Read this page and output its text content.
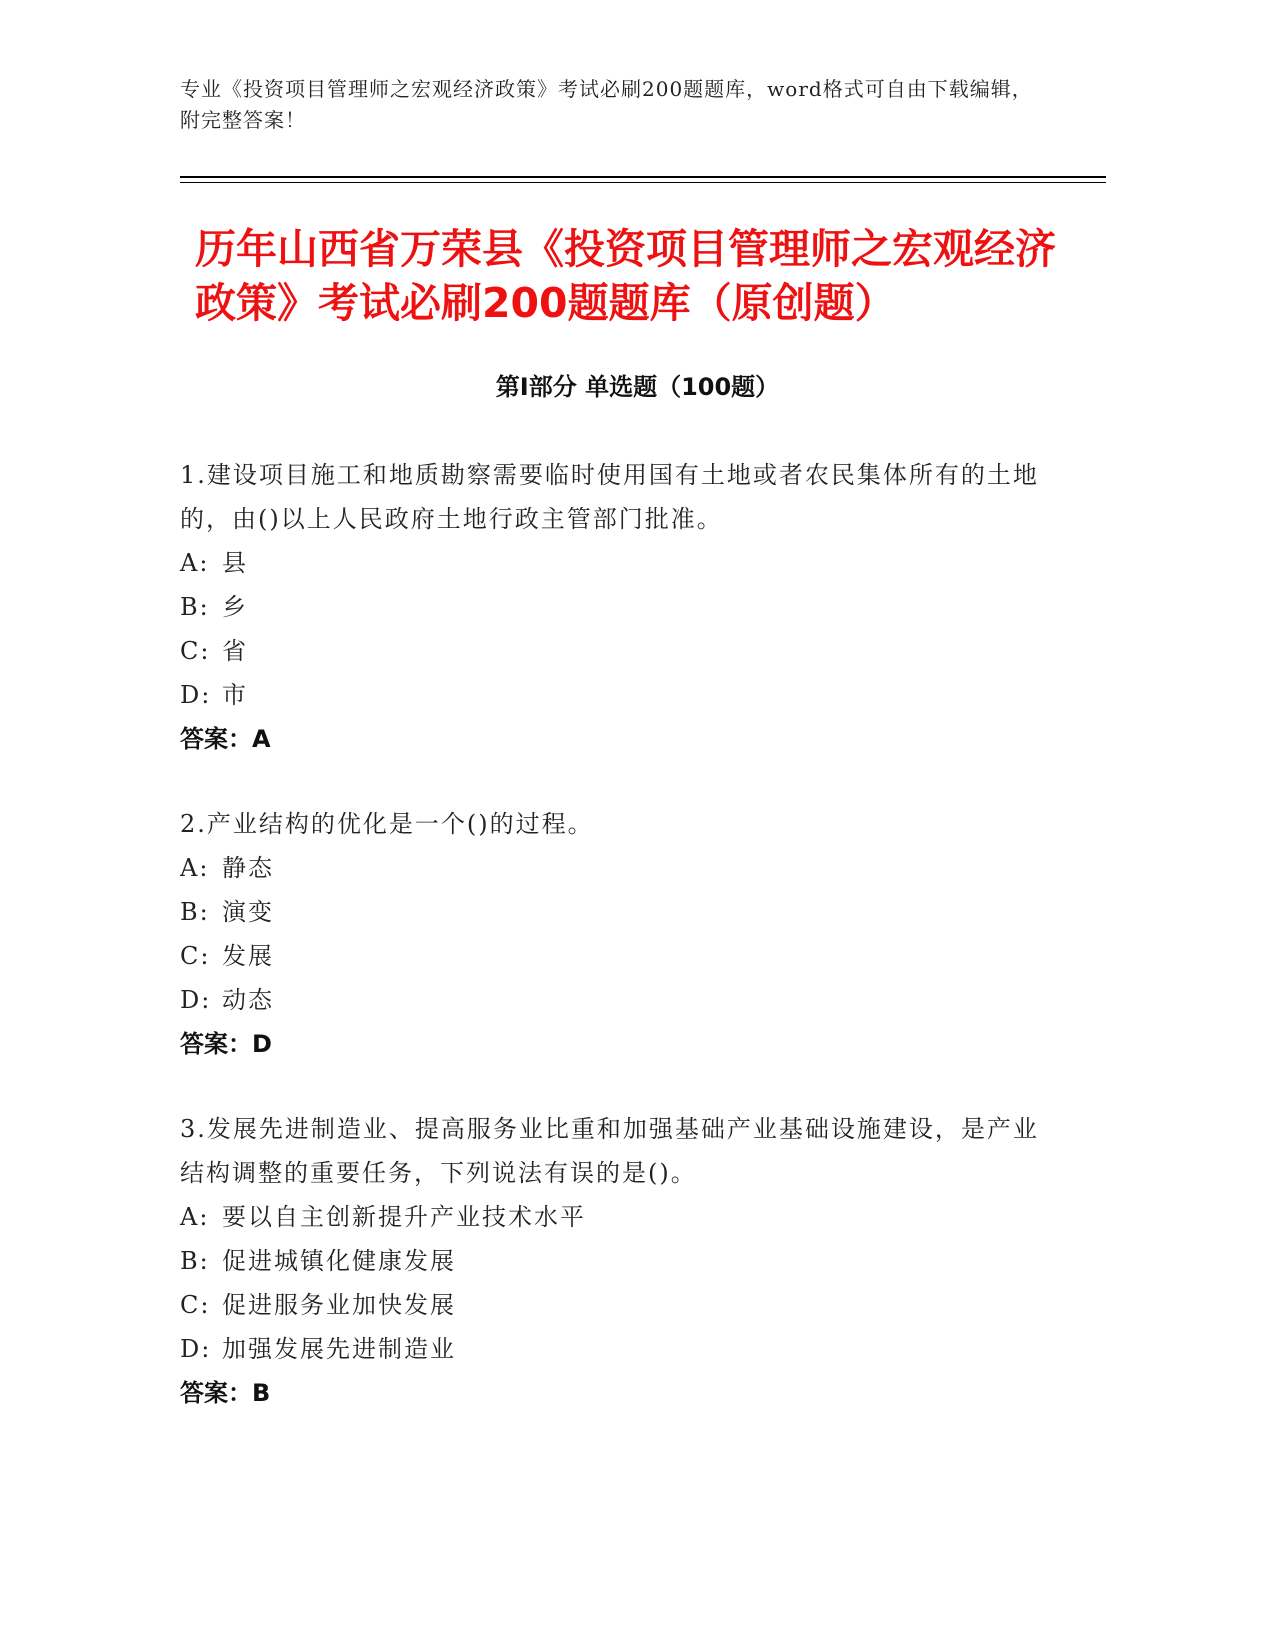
专业《投资项目管理师之宏观经济政策》考试必刷200题题库，word格式可自由下载编辑，附完整答案！

历年山西省万荣县《投资项目管理师之宏观经济政策》考试必刷200题题库（原创题）
第I部分 单选题（100题）

1.建设项目施工和地质勘察需要临时使用国有土地或者农民集体所有的土地的，由()以上人民政府土地行政主管部门批准。

A: 县

B: 乡

C: 省

D: 市

答案：A

2.产业结构的优化是一个()的过程。

A: 静态

B: 演变

C: 发展

D: 动态

答案：D

3.发展先进制造业、提高服务业比重和加强基础产业基础设施建设，是产业结构调整的重要任务，下列说法有误的是()。

A: 要以自主创新提升产业技术水平

B: 促进城镇化健康发展

C: 促进服务业加快发展

D: 加强发展先进制造业

答案：B
